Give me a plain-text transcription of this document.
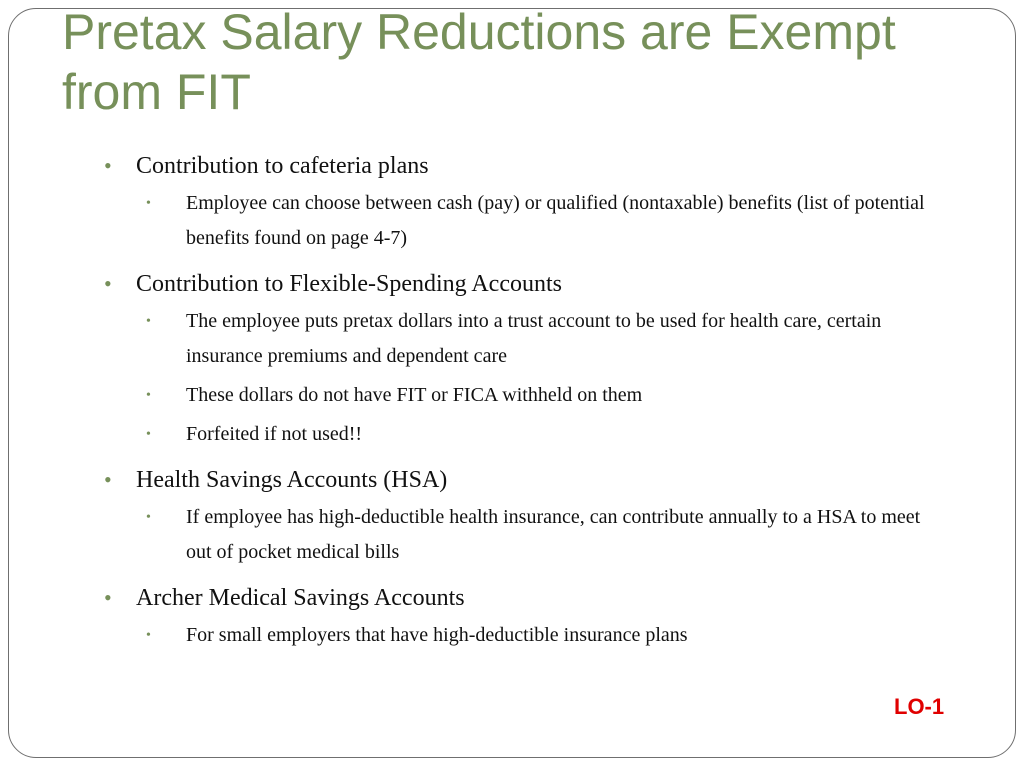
Pretax Salary Reductions are Exempt from FIT
• Contribution to cafeteria plans
• Employee can choose between cash (pay) or qualified (nontaxable) benefits (list of potential benefits found on page 4-7)
• Contribution to Flexible-Spending Accounts
• The employee puts pretax dollars into a trust account to be used for health care, certain insurance premiums and dependent care
• These dollars do not have FIT or FICA withheld on them
• Forfeited if not used!!
• Health Savings Accounts (HSA)
• If employee has high-deductible health insurance, can contribute annually to a HSA to meet out of pocket medical bills
• Archer Medical Savings Accounts
• For small employers that have high-deductible insurance plans
LO-1
